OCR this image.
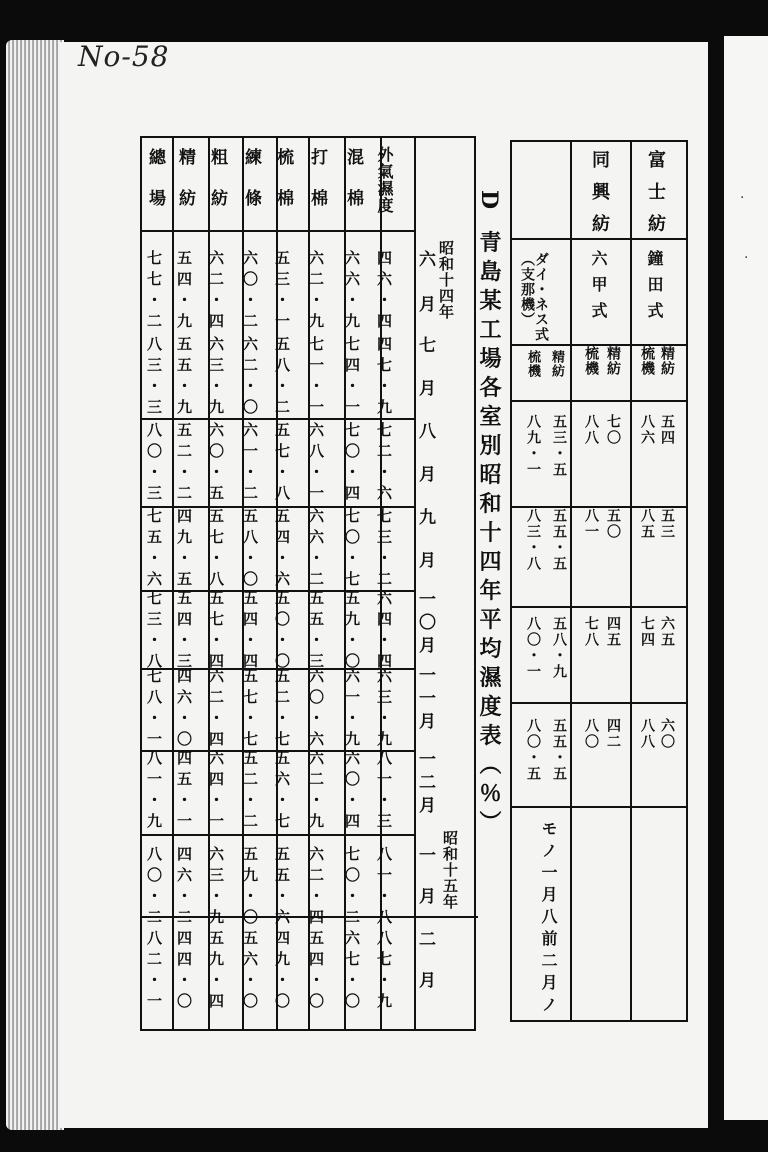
No-58
D 青島某工場各室別昭和十四年平均濕度表（％）
外氣濕度
混棉
打棉
梳棉
練條
粗紡
精紡
總場
昭和十四年
六月
七月
八月
九月
一〇月
一一月
一二月
昭和十五年
一月
二月
四六・四
四七・九
七二・六
七三・二
六四・四
六三・九
八一・三
八一・八
八七・九
六六・九
七四・一
七〇・四
七〇・七
五九・〇
六一・九
六〇・四
七〇・二
六七・〇
六二・九
七一・一
六八・一
六六・二
五五・三
六〇・六
六二・九
六二・四
五四・〇
五三・一
五八・二
五七・八
五四・六
五〇・〇
五二・七
五六・七
五五・六
四九・〇
六〇・二
六二・〇
六一・二
五八・〇
五四・四
五七・七
五二・二
五九・〇
五六・〇
六二・四
六三・九
六〇・五
五七・八
五七・四
六二・四
六四・一
六三・九
五九・四
五四・九
五五・九
五二・二
四九・五
五四・三
四六・〇
四五・一
四六・二
四四・〇
七七・二
八三・三
八〇・三
七五・六
七三・八
七八・一
八一・九
八〇・二
八二・一
富士紡
同興紡
鐘田式
六甲式
ダイ・ネス式（支那機）
精紡
梳機
精紡
梳機
精紡
梳機
五四
八六
五三
八五
六五
七四
六〇
八八
七〇
八八
五〇
八一
四五
七八
四二
八〇
五三・五
八九・一
五五・五
八三・八
五八・九
八〇・一
五五・五
八〇・五
モノ一月八前二月ノ
·
·
